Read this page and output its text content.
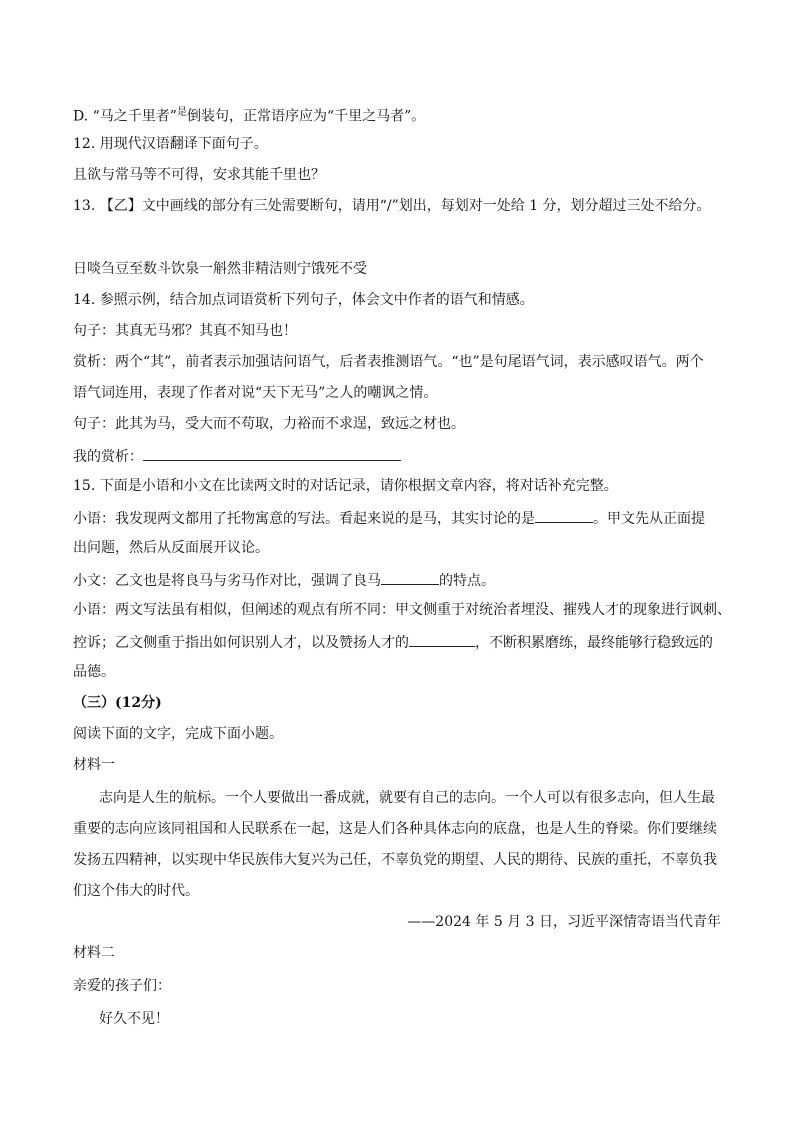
D. “马之千里者”$^是$倒装句，正常语序应为“千里之马者”。
12. 用现代汉语翻译下面句子。
且欲与常马等不可得，安求其能千里也？
13. 【乙】文中画线的部分有三处需要断句，请用“/”划出，每划对一处给 1 分，划分超过三处不给分。
日啖刍豆至数斗饮泉一斛然非精洁则宁饿死不受
14. 参照示例，结合加点词语赏析下列句子，体会文中作者的语气和情感。
句子：其真无马邪？其真不知马也！
赏析：两个“其”，前者表示加强诘问语气，后者表推测语气。“也”是句尾语气词，表示感叹语气。两个
语气词连用，表现了作者对说“天下无马”之人的嘲讽之情。
句子：此其为马，受大而不苟取，力裕而不求逞，致远之材也。
我的赏析：
15. 下面是小语和小文在比读两文时的对话记录，请你根据文章内容，将对话补充完整。
小语：我发现两文都用了托物寓意的写法。看起来说的是马，其实讨论的是	。甲文先从正面提
出问题，然后从反面展开议论。
小文：乙文也是将良马与劣马作对比，强调了良马	的特点。
小语：两文写法虽有相似，但阐述的观点有所不同：甲文侧重于对统治者埋没、摧残人才的现象进行讽刺、
控诉；乙文侧重于指出如何识别人才，以及赞扬人才的	，不断积累磨练，最终能够行稳致远的
品德。
（三）(12分)
阅读下面的文字，完成下面小题。
材料一
志向是人生的航标。一个人要做出一番成就，就要有自己的志向。一个人可以有很多志向，但人生最
重要的志向应该同祖国和人民联系在一起，这是人们各种具体志向的底盘，也是人生的脊梁。你们要继续
发扬五四精神，以实现中华民族伟大复兴为己任，不辜负党的期望、人民的期待、民族的重托，不辜负我
们这个伟大的时代。
——2024 年 5 月 3 日，习近平深情寄语当代青年
材料二
亲爱的孩子们：
好久不见！
